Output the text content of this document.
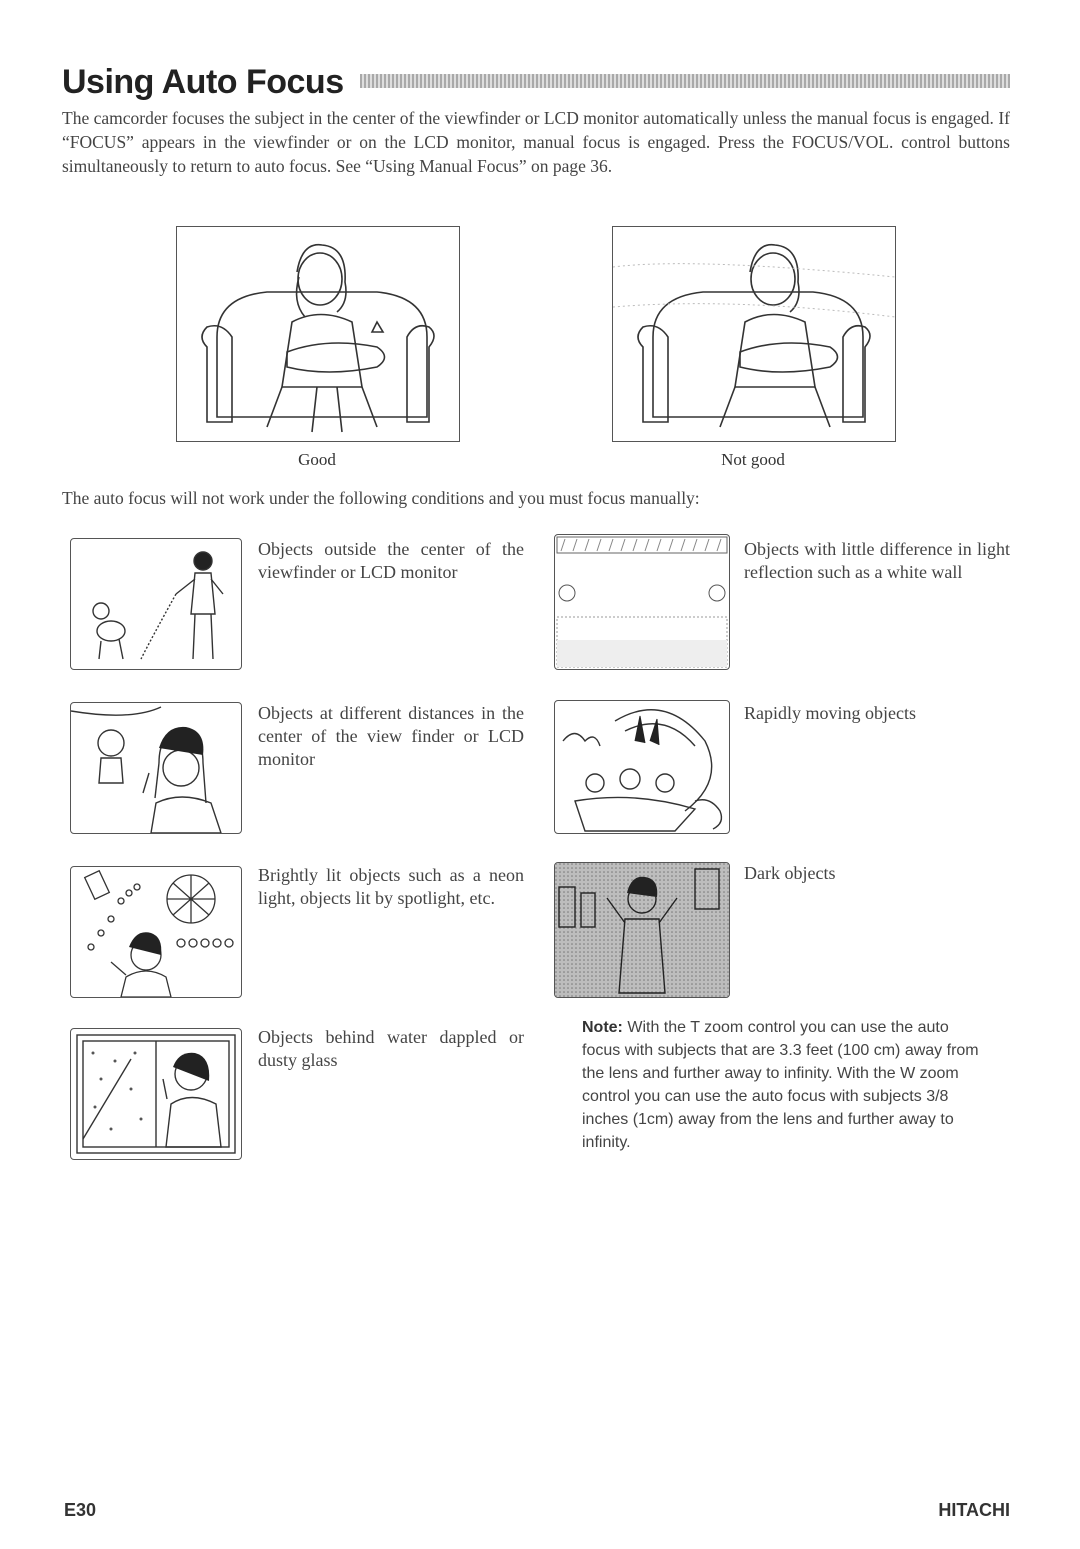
Using Auto Focus
The camcorder focuses the subject in the center of the viewfinder or LCD monitor automatically unless the manual focus is engaged. If “FOCUS” appears in the viewfinder or on the LCD monitor, manual focus is engaged. Press the FOCUS/VOL. control buttons simultaneously to return to auto focus. See “Using Manual Focus” on page 36.
Good	Not good
The auto focus will not work under the following conditions and you must focus manually:
Objects outside the center of the viewfinder or LCD monitor
Objects with little difference in light reflection such as a white wall
Objects at different distances in the center of the view finder or LCD monitor
Rapidly moving objects
Brightly lit objects such as a neon light, objects lit by spotlight, etc.
Dark objects
Objects behind water dappled or dusty glass
Note: With the T zoom control you can use the auto focus with subjects that are 3.3 feet (100 cm) away from the lens and further away to infinity. With the W zoom control you can use the auto focus with subjects 3/8 inches (1cm) away from the lens and further away to infinity.
E30	HITACHI
